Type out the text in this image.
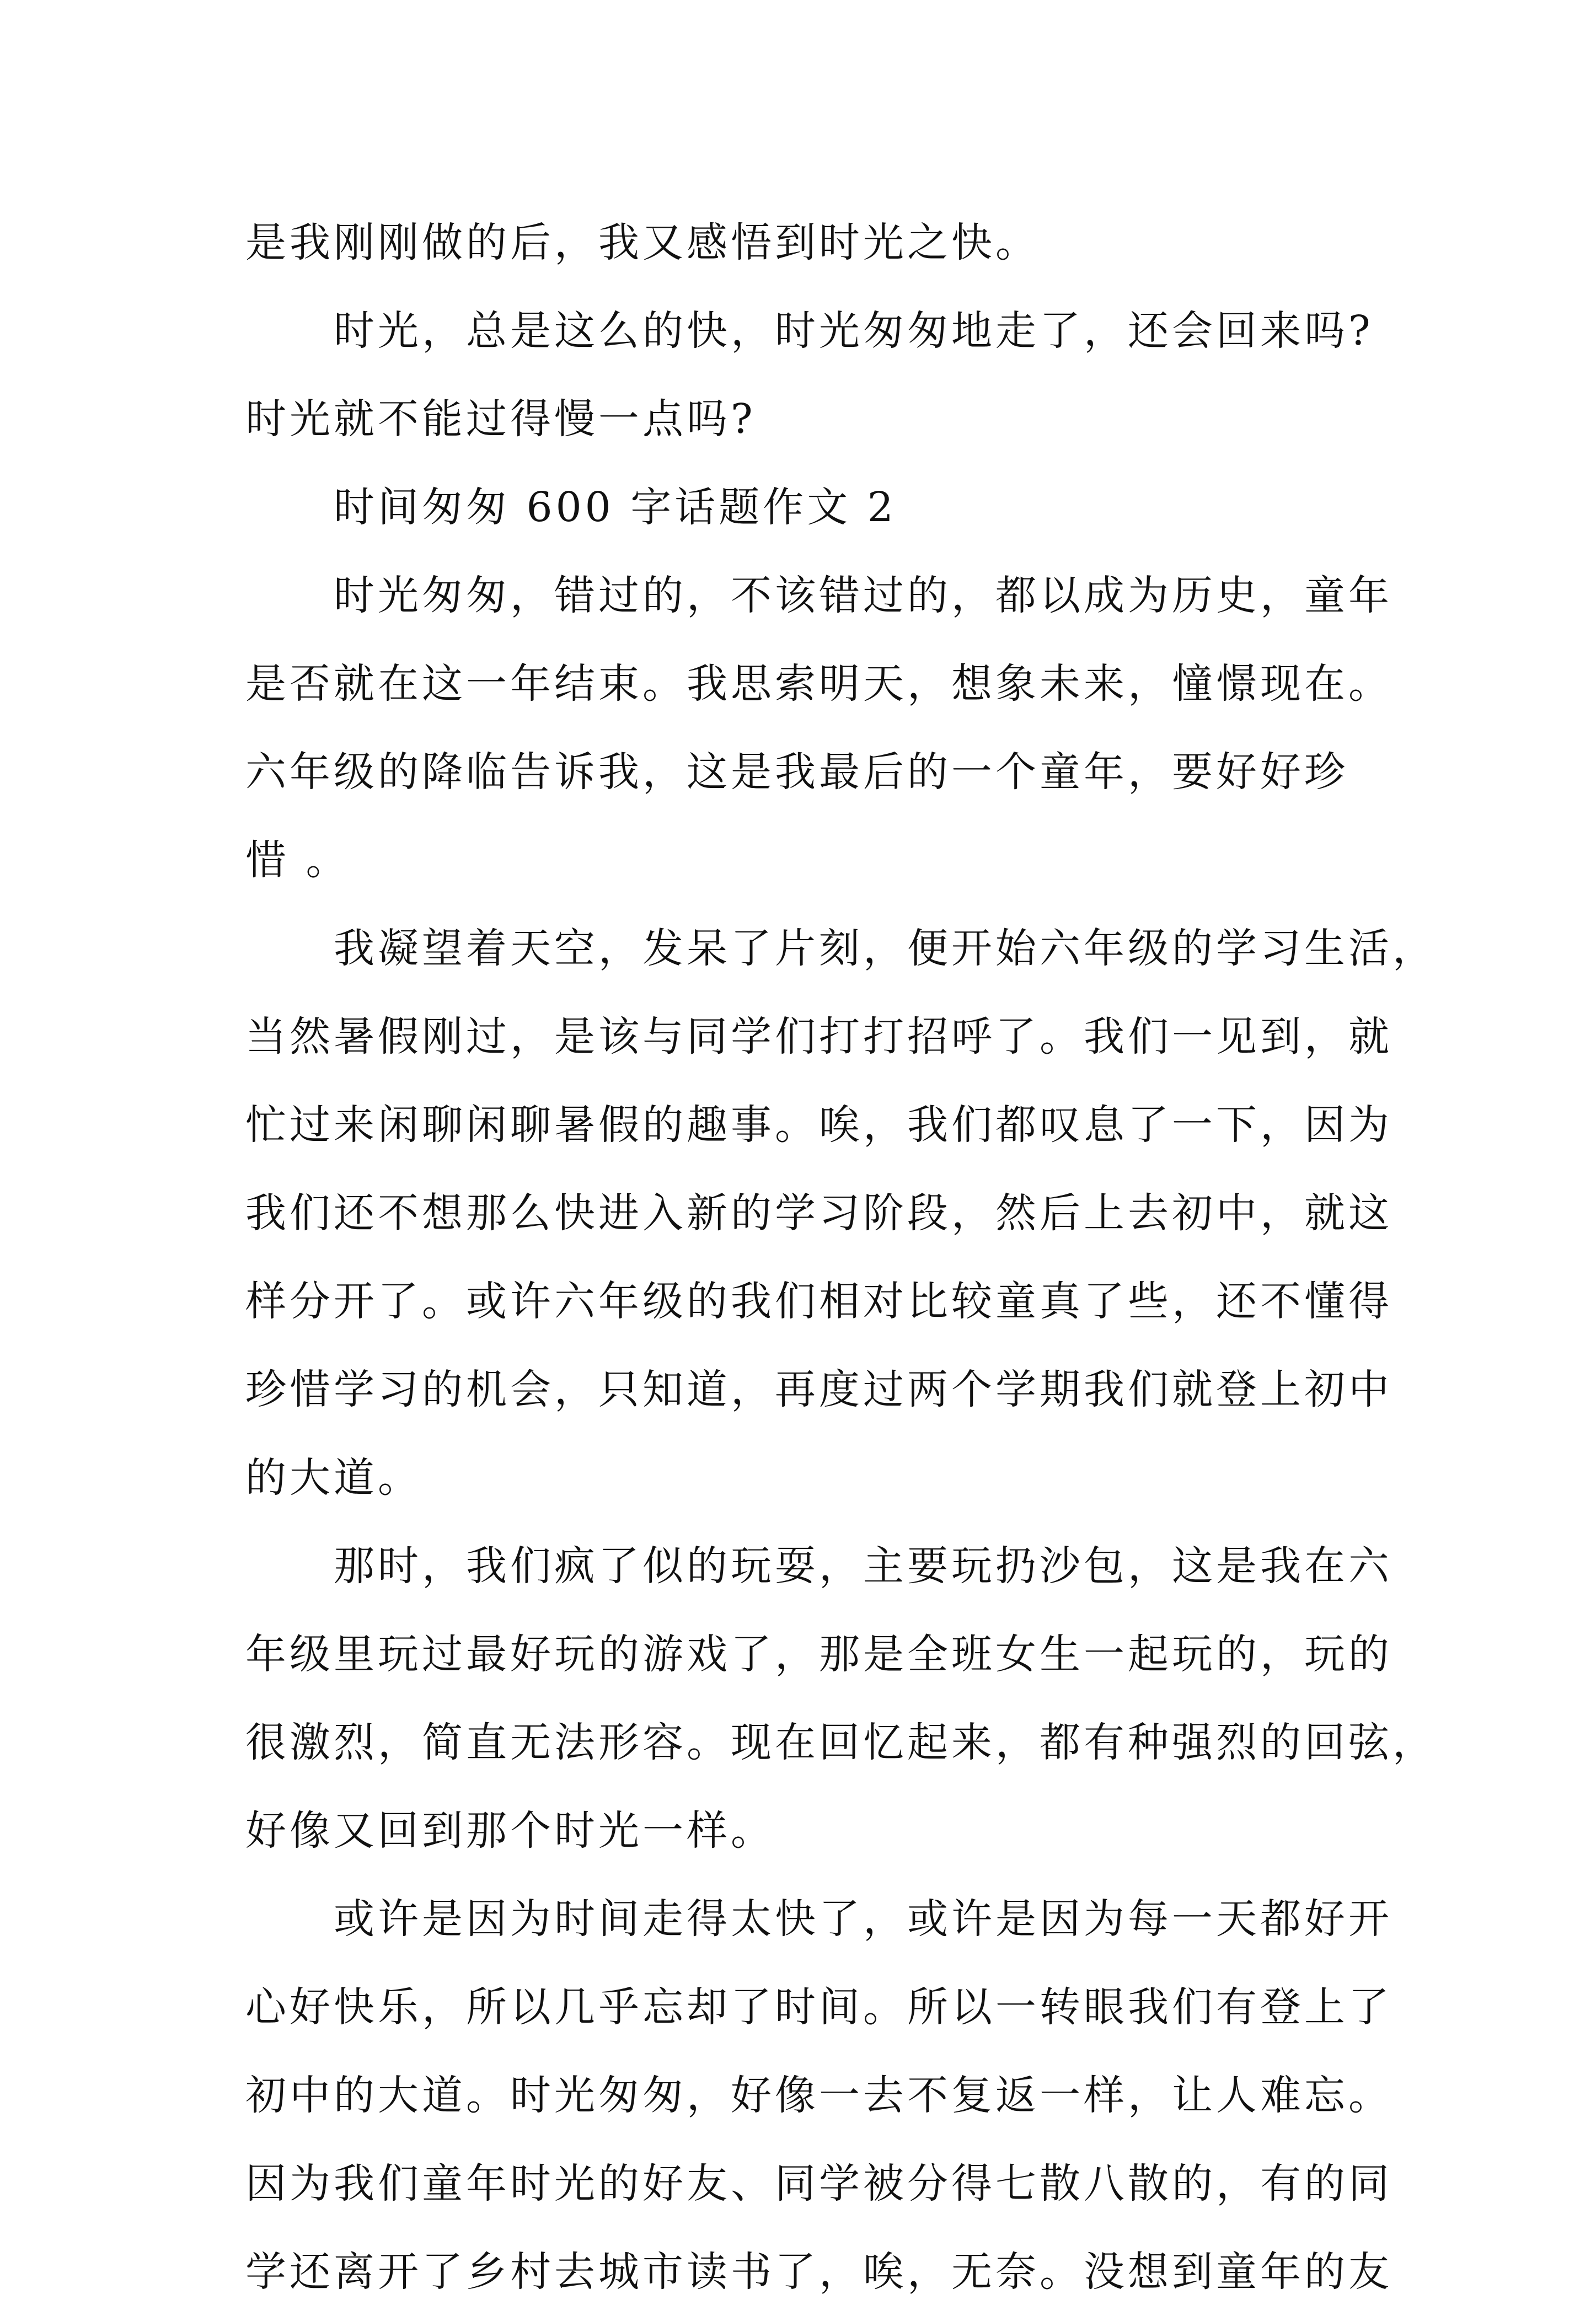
是我刚刚做的后，我又感悟到时光之快。
时光，总是这么的快，时光匆匆地走了，还会回来吗?
时光就不能过得慢一点吗?
时间匆匆 600 字话题作文 2
时光匆匆，错过的，不该错过的，都以成为历史，童年
是否就在这一年结束。我思索明天，想象未来，憧憬现在。
六年级的降临告诉我，这是我最后的一个童年，要好好珍
惜 。
我凝望着天空，发呆了片刻，便开始六年级的学习生活，
当然暑假刚过，是该与同学们打打招呼了。我们一见到，就
忙过来闲聊闲聊暑假的趣事。唉，我们都叹息了一下，因为
我们还不想那么快进入新的学习阶段，然后上去初中，就这
样分开了。或许六年级的我们相对比较童真了些，还不懂得
珍惜学习的机会，只知道，再度过两个学期我们就登上初中
的大道。
那时，我们疯了似的玩耍，主要玩扔沙包，这是我在六
年级里玩过最好玩的游戏了，那是全班女生一起玩的，玩的
很激烈，简直无法形容。现在回忆起来，都有种强烈的回弦，
好像又回到那个时光一样。
或许是因为时间走得太快了，或许是因为每一天都好开
心好快乐，所以几乎忘却了时间。所以一转眼我们有登上了
初中的大道。时光匆匆，好像一去不复返一样，让人难忘。
因为我们童年时光的好友、同学被分得七散八散的，有的同
学还离开了乡村去城市读书了，唉，无奈。没想到童年的友
